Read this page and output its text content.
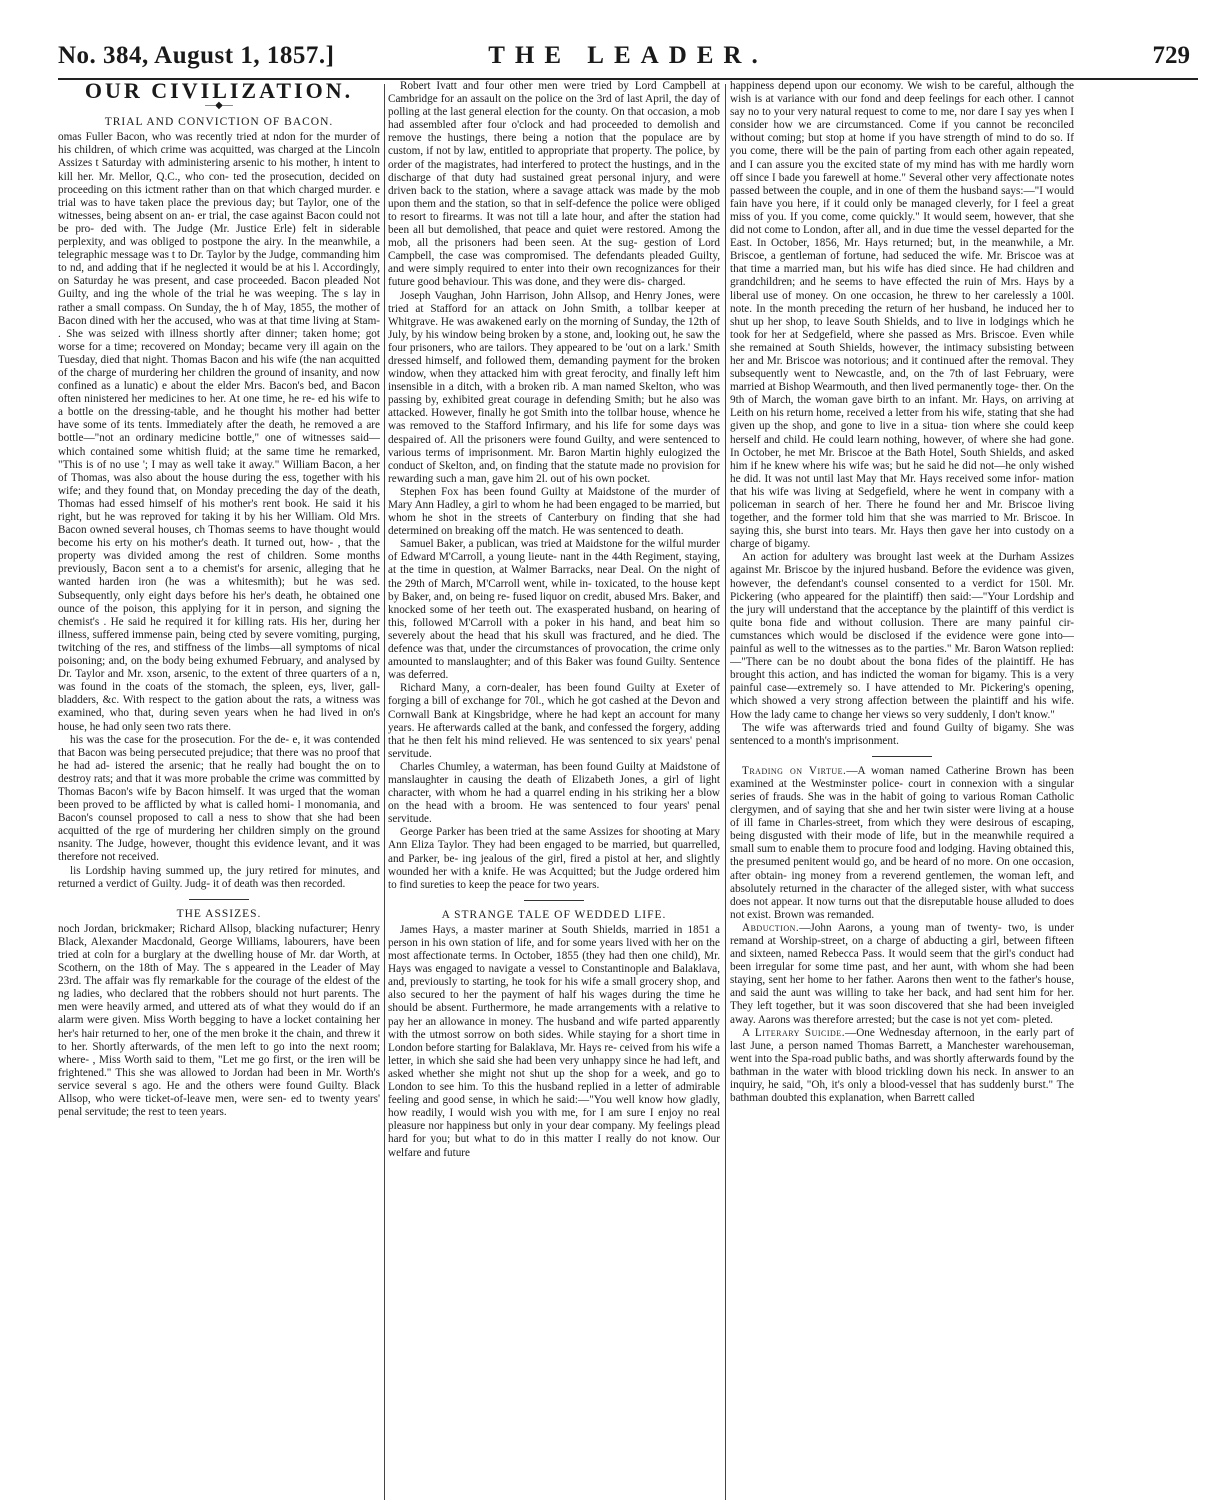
No. 384, August 1, 1857.]	THE LEADER.	729
OUR CIVILIZATION.
—◆—
TRIAL AND CONVICTION OF BACON.

omas Fuller Bacon, who was recently tried at ndon for the murder of his children, of which crime was acquitted, was charged at the Lincoln Assizes t Saturday with administering arsenic to his mother, h intent to kill her. Mr. Mellor, Q.C., who con- ted the prosecution, decided on proceeding on this ictment rather than on that which charged murder. e trial was to have taken place the previous day; but Taylor, one of the witnesses, being absent on an- er trial, the case against Bacon could not be pro- ded with. The Judge (Mr. Justice Erle) felt in siderable perplexity, and was obliged to postpone the airy. In the meanwhile, a telegraphic message was t to Dr. Taylor by the Judge, commanding him to nd, and adding that if he neglected it would be at his l. Accordingly, on Saturday he was present, and case proceeded. Bacon pleaded Not Guilty, and ing the whole of the trial he was weeping. The s lay in rather a small compass. On Sunday, the h of May, 1855, the mother of Bacon dined with her the accused, who was at that time living at Stam- . She was seized with illness shortly after dinner; taken home; got worse for a time; recovered on Monday; became very ill again on the Tuesday, died that night. Thomas Bacon and his wife (the nan acquitted of the charge of murdering her children the ground of insanity, and now confined as a lunatic) e about the elder Mrs. Bacon's bed, and Bacon often ninistered her medicines to her. At one time, he re- ed his wife to a bottle on the dressing-table, and he thought his mother had better have some of its tents. Immediately after the death, he removed a are bottle—"not an ordinary medicine bottle," one of witnesses said—which contained some whitish fluid; at the same time he remarked, "This is of no use '; I may as well take it away." William Bacon, a her of Thomas, was also about the house during the ess, together with his wife; and they found that, on Monday preceding the day of the death, Thomas had essed himself of his mother's rent book. He said it his right, but he was reproved for taking it by his her William. Old Mrs. Bacon owned several houses, ch Thomas seems to have thought would become his erty on his mother's death. It turned out, how- , that the property was divided among the rest of children. Some months previously, Bacon sent a to a chemist's for arsenic, alleging that he wanted harden iron (he was a whitesmith); but he was sed. Subsequently, only eight days before his her's death, he obtained one ounce of the poison, this applying for it in person, and signing the chemist's . He said he required it for killing rats. His her, during her illness, suffered immense pain, being cted by severe vomiting, purging, twitching of the res, and stiffness of the limbs—all symptoms of nical poisoning; and, on the body being exhumed February, and analysed by Dr. Taylor and Mr. xson, arsenic, to the extent of three quarters of a n, was found in the coats of the stomach, the spleen, eys, liver, gall-bladders, &c. With respect to the gation about the rats, a witness was examined, who that, during seven years when he had lived in on's house, he had only seen two rats there.

his was the case for the prosecution. For the de- e, it was contended that Bacon was being persecuted prejudice; that there was no proof that he had ad- istered the arsenic; that he really had bought the on to destroy rats; and that it was more probable the crime was committed by Thomas Bacon's wife by Bacon himself. It was urged that the woman been proved to be afflicted by what is called homi- l monomania, and Bacon's counsel proposed to call a ness to show that she had been acquitted of the rge of murdering her children simply on the ground nsanity. The Judge, however, thought this evidence levant, and it was therefore not received.

lis Lordship having summed up, the jury retired for minutes, and returned a verdict of Guilty. Judg- it of death was then recorded.

THE ASSIZES.

noch Jordan, brickmaker; Richard Allsop, blacking nufacturer; Henry Black, Alexander Macdonald, George Williams, labourers, have been tried at coln for a burglary at the dwelling house of Mr. dar Worth, at Scothern, on the 18th of May. The s appeared in the Leader of May 23rd. The affair was fly remarkable for the courage of the eldest of the ng ladies, who declared that the robbers should not hurt parents. The men were heavily armed, and uttered ats of what they would do if an alarm were given. Miss Worth begging to have a locket containing her her's hair returned to her, one of the men broke it the chain, and threw it to her. Shortly afterwards, of the men left to go into the next room; where- , Miss Worth said to them, "Let me go first, or the iren will be frightened." This she was allowed to Jordan had been in Mr. Worth's service several s ago. He and the others were found Guilty. Black Allsop, who were ticket-of-leave men, were sen- ed to twenty years' penal servitude; the rest to teen years.

Robert Ivatt and four other men were tried by Lord Campbell at Cambridge for an assault on the police on the 3rd of last April, the day of polling at the last general election for the county. On that occasion, a mob had assembled after four o'clock and had proceeded to demolish and remove the hustings, there being a notion that the populace are by custom, if not by law, entitled to appropriate that property. The police, by order of the magistrates, had interfered to protect the hustings, and in the discharge of that duty had sustained great personal injury, and were driven back to the station, where a savage attack was made by the mob upon them and the station, so that in self-defence the police were obliged to resort to firearms. It was not till a late hour, and after the station had been all but demolished, that peace and quiet were restored. Among the mob, all the prisoners had been seen. At the sug- gestion of Lord Campbell, the case was compromised. The defendants pleaded Guilty, and were simply required to enter into their own recognizances for their future good behaviour. This was done, and they were dis- charged.

Joseph Vaughan, John Harrison, John Allsop, and Henry Jones, were tried at Stafford for an attack on John Smith, a tollbar keeper at Whitgrave. He was awakened early on the morning of Sunday, the 12th of July, by his window being broken by a stone, and, looking out, he saw the four prisoners, who are tailors. They appeared to be 'out on a lark.' Smith dressed himself, and followed them, demanding payment for the broken window, when they attacked him with great ferocity, and finally left him insensible in a ditch, with a broken rib. A man named Skelton, who was passing by, exhibited great courage in defending Smith; but he also was attacked. However, finally he got Smith into the tollbar house, whence he was removed to the Stafford Infirmary, and his life for some days was despaired of. All the prisoners were found Guilty, and were sentenced to various terms of imprisonment. Mr. Baron Martin highly eulogized the conduct of Skelton, and, on finding that the statute made no provision for rewarding such a man, gave him 2l. out of his own pocket.

Stephen Fox has been found Guilty at Maidstone of the murder of Mary Ann Hadley, a girl to whom he had been engaged to be married, but whom he shot in the streets of Canterbury on finding that she had determined on breaking off the match. He was sentenced to death.

Samuel Baker, a publican, was tried at Maidstone for the wilful murder of Edward M'Carroll, a young lieute- nant in the 44th Regiment, staying, at the time in question, at Walmer Barracks, near Deal. On the night of the 29th of March, M'Carroll went, while in- toxicated, to the house kept by Baker, and, on being re- fused liquor on credit, abused Mrs. Baker, and knocked some of her teeth out. The exasperated husband, on hearing of this, followed M'Carroll with a poker in his hand, and beat him so severely about the head that his skull was fractured, and he died. The defence was that, under the circumstances of provocation, the crime only amounted to manslaughter; and of this Baker was found Guilty. Sentence was deferred.

Richard Many, a corn-dealer, has been found Guilty at Exeter of forging a bill of exchange for 70l., which he got cashed at the Devon and Cornwall Bank at Kingsbridge, where he had kept an account for many years. He afterwards called at the bank, and confessed the forgery, adding that he then felt his mind relieved. He was sentenced to six years' penal servitude.

Charles Chumley, a waterman, has been found Guilty at Maidstone of manslaughter in causing the death of Elizabeth Jones, a girl of light character, with whom he had a quarrel ending in his striking her a blow on the head with a broom. He was sentenced to four years' penal servitude.

George Parker has been tried at the same Assizes for shooting at Mary Ann Eliza Taylor. They had been engaged to be married, but quarrelled, and Parker, be- ing jealous of the girl, fired a pistol at her, and slightly wounded her with a knife. He was Acquitted; but the Judge ordered him to find sureties to keep the peace for two years.

A STRANGE TALE OF WEDDED LIFE.

James Hays, a master mariner at South Shields, married in 1851 a person in his own station of life, and for some years lived with her on the most affectionate terms. In October, 1855 (they had then one child), Mr. Hays was engaged to navigate a vessel to Constantinople and Balaklava, and, previously to starting, he took for his wife a small grocery shop, and also secured to her the payment of half his wages during the time he should be absent. Furthermore, he made arrangements with a relative to pay her an allowance in money. The husband and wife parted apparently with the utmost sorrow on both sides. While staying for a short time in London before starting for Balaklava, Mr. Hays re- ceived from his wife a letter, in which she said she had been very unhappy since he had left, and asked whether she might not shut up the shop for a week, and go to London to see him. To this the husband replied in a letter of admirable feeling and good sense, in which he said:—"You well know how gladly, how readily, I would wish you with me, for I am sure I enjoy no real pleasure nor happiness but only in your dear company. My feelings plead hard for you; but what to do in this matter I really do not know. Our welfare and future

happiness depend upon our economy. We wish to be careful, although the wish is at variance with our fond and deep feelings for each other. I cannot say no to your very natural request to come to me, nor dare I say yes when I consider how we are circumstanced. Come if you cannot be reconciled without coming; but stop at home if you have strength of mind to do so. If you come, there will be the pain of parting from each other again repeated, and I can assure you the excited state of my mind has with me hardly worn off since I bade you farewell at home." Several other very affectionate notes passed between the couple, and in one of them the husband says:—"I would fain have you here, if it could only be managed cleverly, for I feel a great miss of you. If you come, come quickly." It would seem, however, that she did not come to London, after all, and in due time the vessel departed for the East. In October, 1856, Mr. Hays returned; but, in the meanwhile, a Mr. Briscoe, a gentleman of fortune, had seduced the wife. Mr. Briscoe was at that time a married man, but his wife has died since. He had children and grandchildren; and he seems to have effected the ruin of Mrs. Hays by a liberal use of money. On one occasion, he threw to her carelessly a 100l. note. In the month preceding the return of her husband, he induced her to shut up her shop, to leave South Shields, and to live in lodgings which he took for her at Sedgefield, where she passed as Mrs. Briscoe. Even while she remained at South Shields, however, the intimacy subsisting between her and Mr. Briscoe was notorious; and it continued after the removal. They subsequently went to Newcastle, and, on the 7th of last February, were married at Bishop Wearmouth, and then lived permanently toge- ther. On the 9th of March, the woman gave birth to an infant. Mr. Hays, on arriving at Leith on his return home, received a letter from his wife, stating that she had given up the shop, and gone to live in a situa- tion where she could keep herself and child. He could learn nothing, however, of where she had gone. In October, he met Mr. Briscoe at the Bath Hotel, South Shields, and asked him if he knew where his wife was; but he said he did not—he only wished he did. It was not until last May that Mr. Hays received some infor- mation that his wife was living at Sedgefield, where he went in company with a policeman in search of her. There he found her and Mr. Briscoe living together, and the former told him that she was married to Mr. Briscoe. In saying this, she burst into tears. Mr. Hays then gave her into custody on a charge of bigamy.

An action for adultery was brought last week at the Durham Assizes against Mr. Briscoe by the injured husband. Before the evidence was given, however, the defendant's counsel consented to a verdict for 150l. Mr. Pickering (who appeared for the plaintiff) then said:—"Your Lordship and the jury will understand that the acceptance by the plaintiff of this verdict is quite bona fide and without collusion. There are many painful cir- cumstances which would be disclosed if the evidence were gone into—painful as well to the witnesses as to the parties." Mr. Baron Watson replied:—"There can be no doubt about the bona fides of the plaintiff. He has brought this action, and has indicted the woman for bigamy. This is a very painful case—extremely so. I have attended to Mr. Pickering's opening, which showed a very strong affection between the plaintiff and his wife. How the lady came to change her views so very suddenly, I don't know."

The wife was afterwards tried and found Guilty of bigamy. She was sentenced to a month's imprisonment.

Trading on Virtue.—A woman named Catherine Brown has been examined at the Westminster police- court in connexion with a singular series of frauds. She was in the habit of going to various Roman Catholic clergymen, and of saying that she and her twin sister were living at a house of ill fame in Charles-street, from which they were desirous of escaping, being disgusted with their mode of life, but in the meanwhile required a small sum to enable them to procure food and lodging. Having obtained this, the presumed penitent would go, and be heard of no more. On one occasion, after obtain- ing money from a reverend gentlemen, the woman left, and absolutely returned in the character of the alleged sister, with what success does not appear. It now turns out that the disreputable house alluded to does not exist. Brown was remanded.

Abduction.—John Aarons, a young man of twenty- two, is under remand at Worship-street, on a charge of abducting a girl, between fifteen and sixteen, named Rebecca Pass. It would seem that the girl's conduct had been irregular for some time past, and her aunt, with whom she had been staying, sent her home to her father. Aarons then went to the father's house, and said the aunt was willing to take her back, and had sent him for her. They left together, but it was soon discovered that she had been inveigled away. Aarons was therefore arrested; but the case is not yet com- pleted.

A Literary Suicide.—One Wednesday afternoon, in the early part of last June, a person named Thomas Barrett, a Manchester warehouseman, went into the Spa-road public baths, and was shortly afterwards found by the bathman in the water with blood trickling down his neck. In answer to an inquiry, he said, "Oh, it's only a blood-vessel that has suddenly burst." The bathman doubted this explanation, when Barrett called
